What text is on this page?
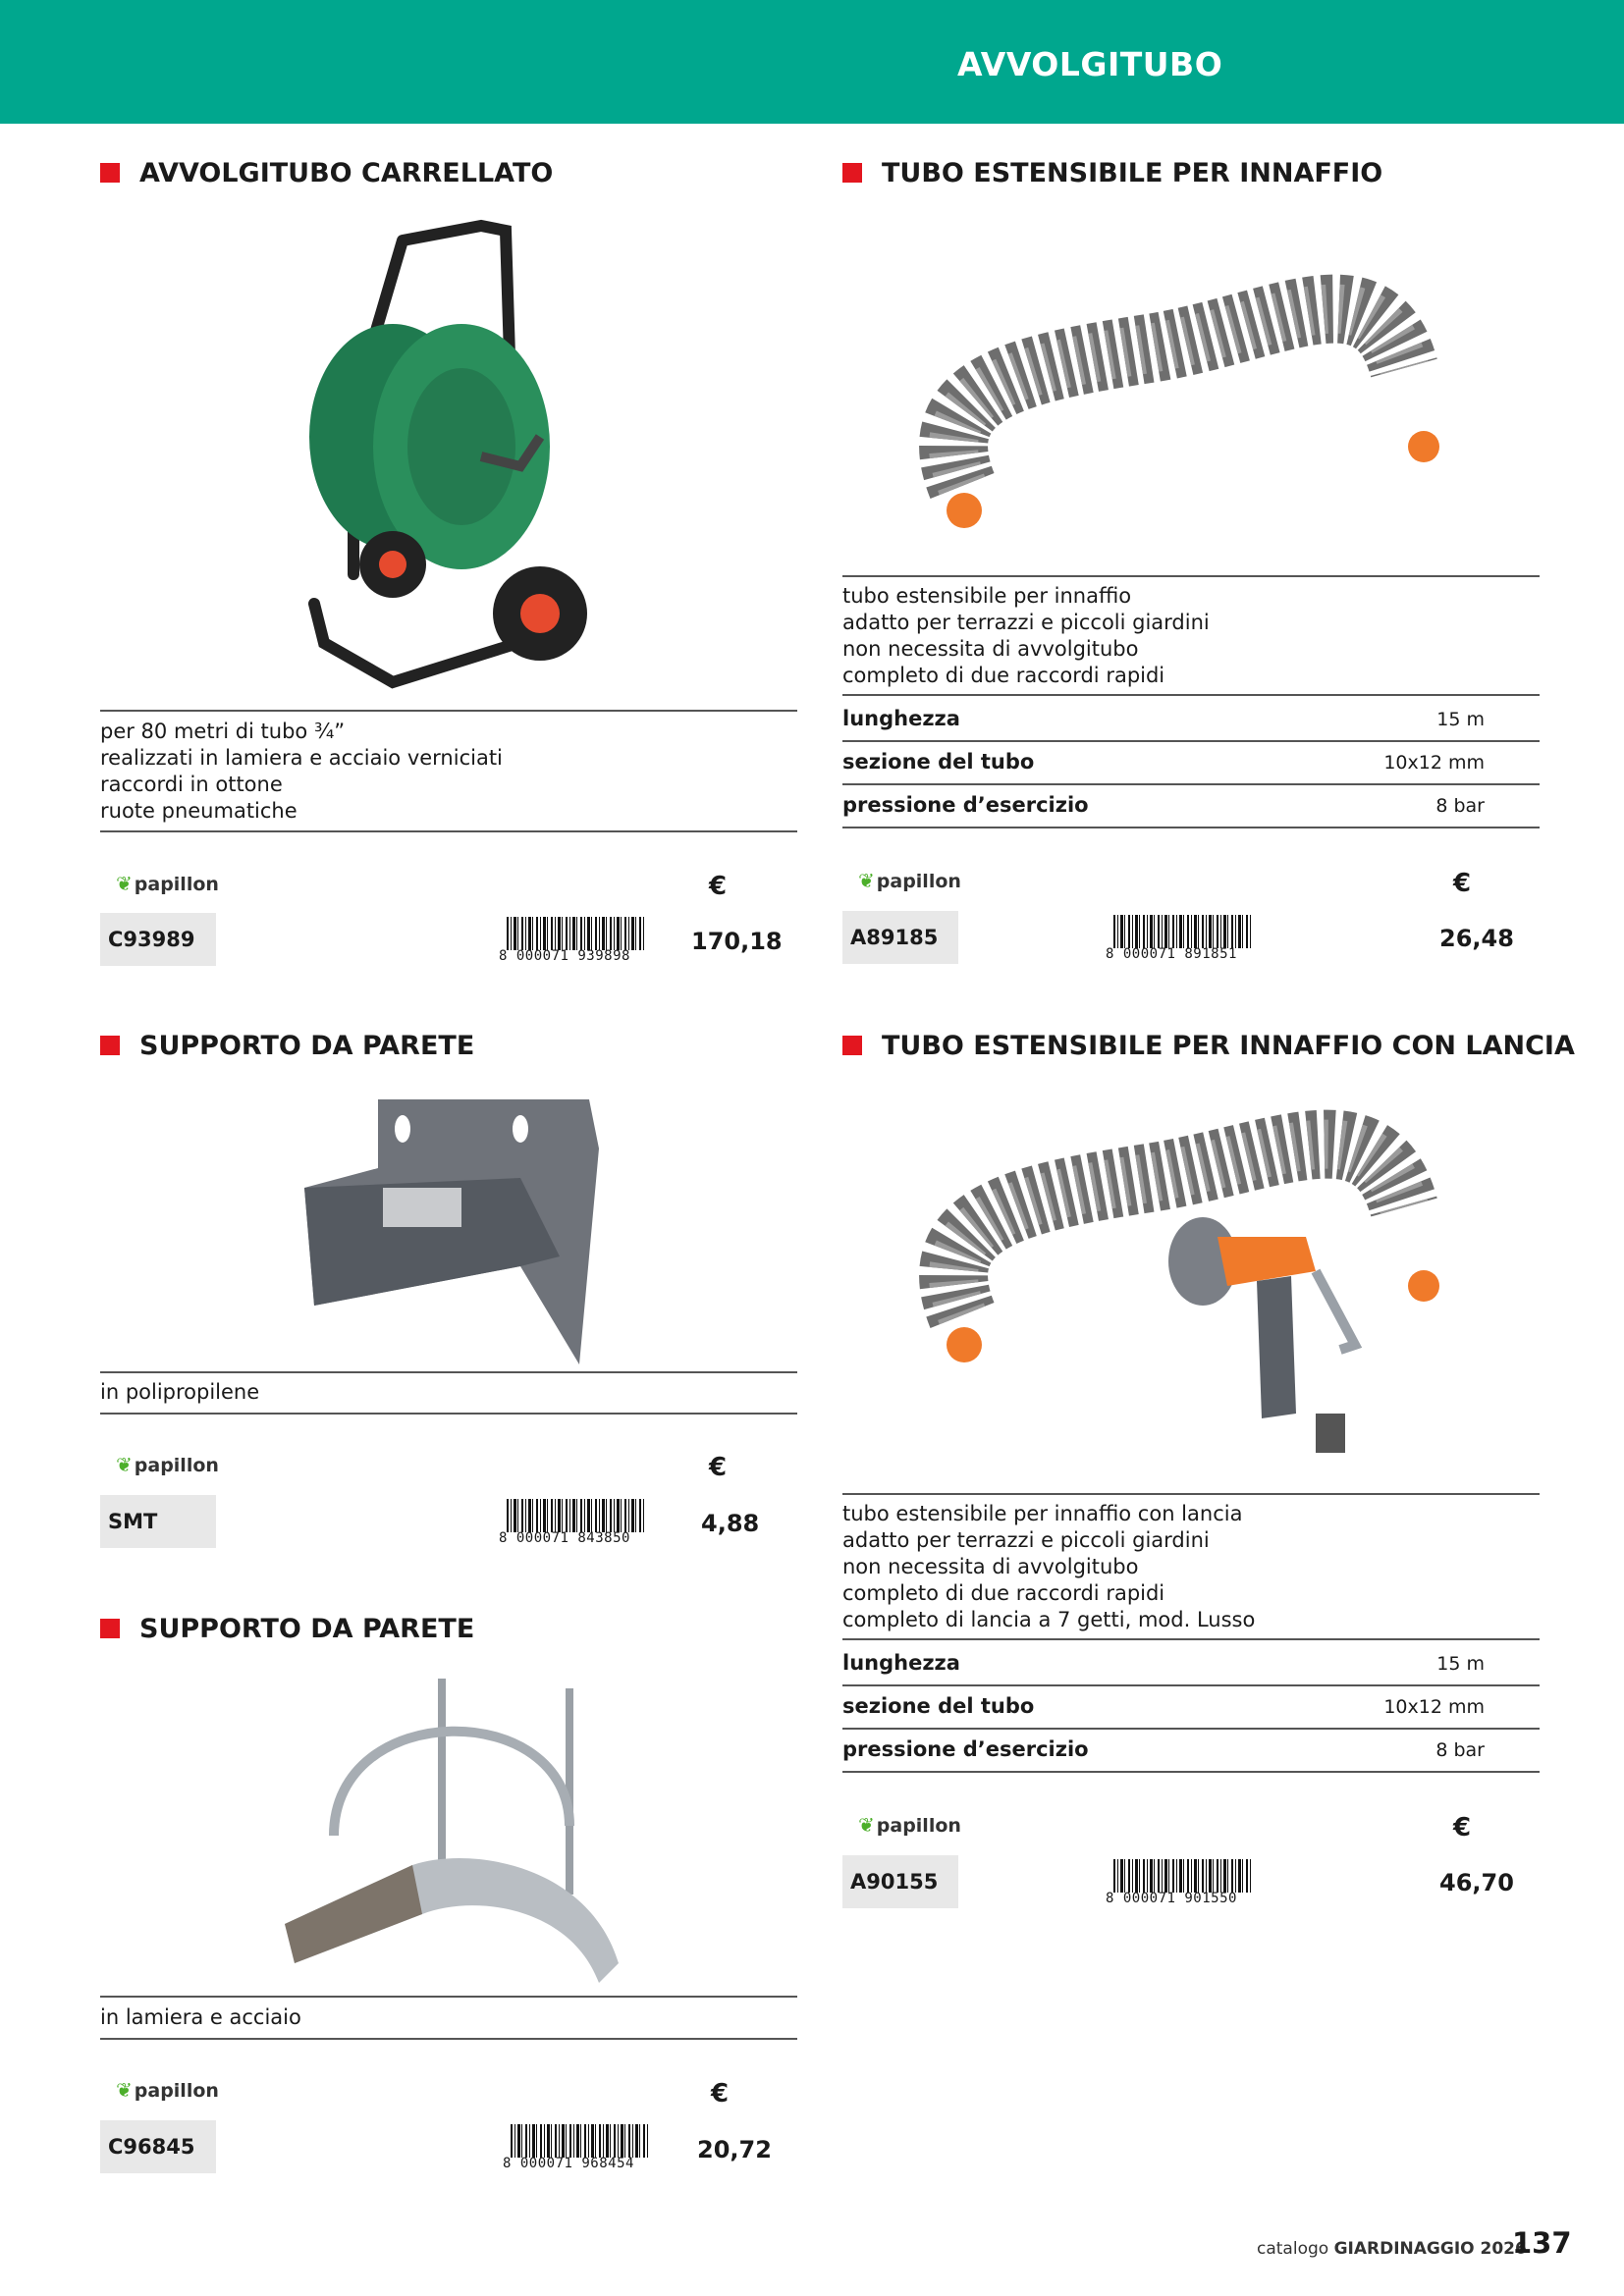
AVVOLGITUBO
AVVOLGITUBO CARRELLATO
per 80 metri di tubo ¾”
realizzati in lamiera e acciaio verniciati
raccordi in ottone
ruote pneumatiche
❦ papillon	€
C93989
8 000071 939898
170,18
TUBO ESTENSIBILE PER INNAFFIO
tubo estensibile per innaffio
adatto per terrazzi e piccoli giardini
non necessita di avvolgitubo
completo di due raccordi rapidi
lunghezza	15 m
sezione del tubo	10x12 mm
pressione d’esercizio	8 bar
❦ papillon	€
A89185
8 000071 891851
26,48
SUPPORTO DA PARETE
in polipropilene
❦ papillon	€
SMT
8 000071 843850
4,88
TUBO ESTENSIBILE PER INNAFFIO CON LANCIA
tubo estensibile per innaffio con lancia
adatto per terrazzi e piccoli giardini
non necessita di avvolgitubo
completo di due raccordi rapidi
completo di lancia a 7 getti, mod. Lusso
lunghezza	15 m
sezione del tubo	10x12 mm
pressione d’esercizio	8 bar
❦ papillon	€
A90155
8 000071 901550
46,70
SUPPORTO DA PARETE
in lamiera e acciaio
❦ papillon	€
C96845
8 000071 968454	20,72
catalogo GIARDINAGGIO 2026
137
